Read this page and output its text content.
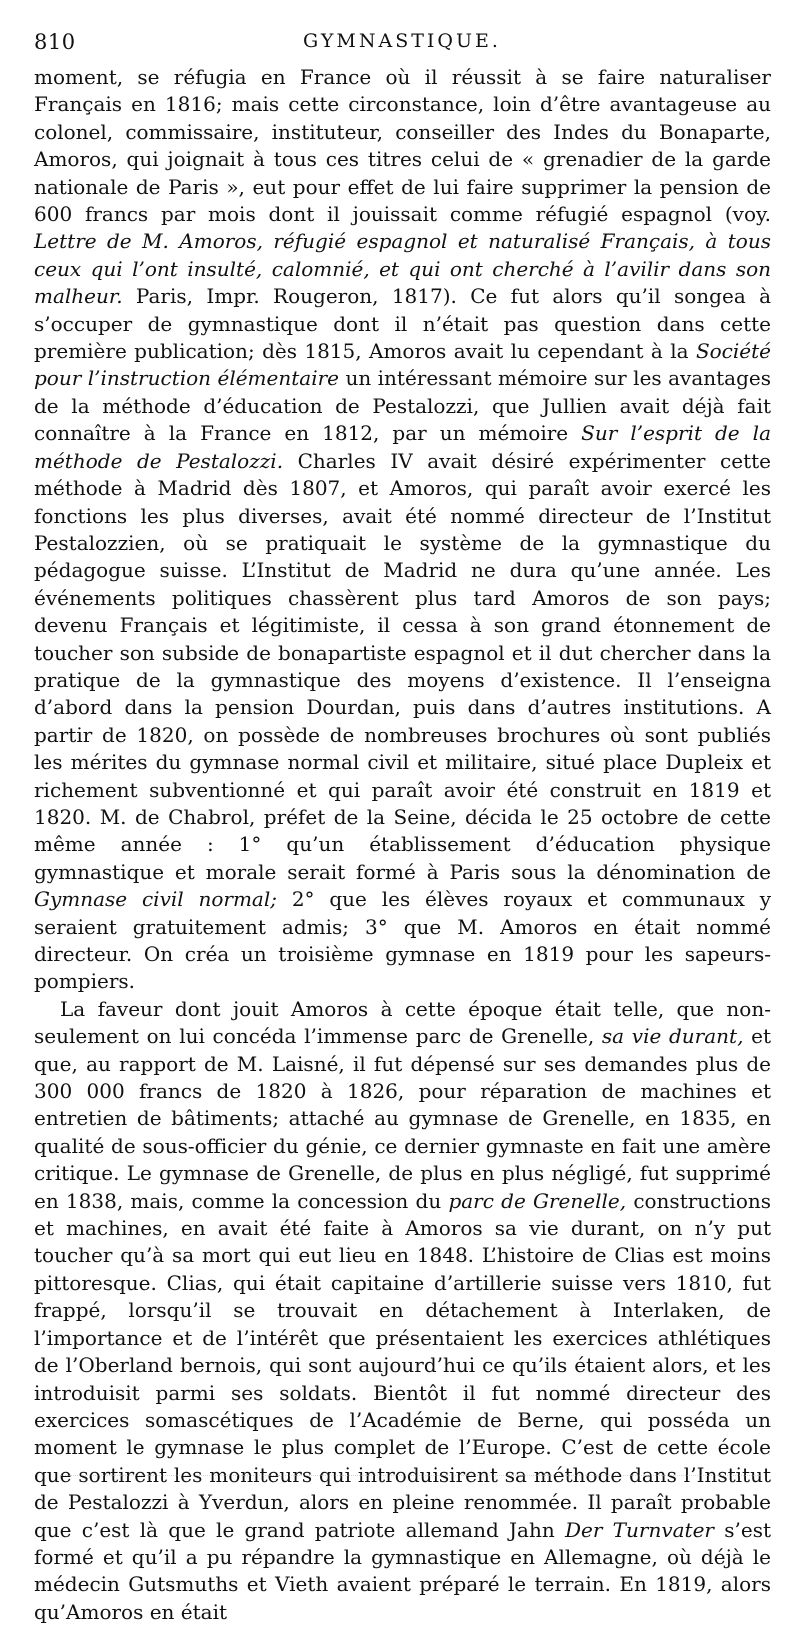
810	GYMNASTIQUE.

moment, se réfugia en France où il réussit à se faire naturaliser Français en 1816; mais cette circonstance, loin d’être avantageuse au colonel, commissaire, instituteur, conseiller des Indes du Bonaparte, Amoros, qui joignait à tous ces titres celui de « grenadier de la garde nationale de Paris », eut pour effet de lui faire supprimer la pension de 600 francs par mois dont il jouissait comme réfugié espagnol (voy. Lettre de M. Amoros, réfugié espagnol et naturalisé Français, à tous ceux qui l’ont insulté, calomnié, et qui ont cherché à l’avilir dans son malheur. Paris, Impr. Rougeron, 1817). Ce fut alors qu’il songea à s’occuper de gymnastique dont il n’était pas question dans cette première publication; dès 1815, Amoros avait lu cependant à la Société pour l’instruction élémentaire un intéressant mémoire sur les avantages de la méthode d’éducation de Pestalozzi, que Jullien avait déjà fait connaître à la France en 1812, par un mémoire Sur l’esprit de la méthode de Pestalozzi. Charles IV avait désiré expérimenter cette méthode à Madrid dès 1807, et Amoros, qui paraît avoir exercé les fonctions les plus diverses, avait été nommé directeur de l’Institut Pestalozzien, où se pratiquait le système de la gymnastique du pédagogue suisse. L’Institut de Madrid ne dura qu’une année. Les événements politiques chassèrent plus tard Amoros de son pays; devenu Français et légitimiste, il cessa à son grand étonnement de toucher son subside de bonapartiste espagnol et il dut chercher dans la pratique de la gymnastique des moyens d’existence. Il l’enseigna d’abord dans la pension Dourdan, puis dans d’autres institutions. A partir de 1820, on possède de nombreuses brochures où sont publiés les mérites du gymnase normal civil et militaire, situé place Dupleix et richement subventionné et qui paraît avoir été construit en 1819 et 1820. M. de Chabrol, préfet de la Seine, décida le 25 octobre de cette même année : 1° qu’un établissement d’éducation physique gymnastique et morale serait formé à Paris sous la dénomination de Gymnase civil normal; 2° que les élèves royaux et communaux y seraient gratuitement admis; 3° que M. Amoros en était nommé directeur. On créa un troisième gymnase en 1819 pour les sapeurs-pompiers.

La faveur dont jouit Amoros à cette époque était telle, que non-seulement on lui concéda l’immense parc de Grenelle, sa vie durant, et que, au rapport de M. Laisné, il fut dépensé sur ses demandes plus de 300 000 francs de 1820 à 1826, pour réparation de machines et entretien de bâtiments; attaché au gymnase de Grenelle, en 1835, en qualité de sous-officier du génie, ce dernier gymnaste en fait une amère critique. Le gymnase de Grenelle, de plus en plus négligé, fut supprimé en 1838, mais, comme la concession du parc de Grenelle, constructions et machines, en avait été faite à Amoros sa vie durant, on n’y put toucher qu’à sa mort qui eut lieu en 1848. L’histoire de Clias est moins pittoresque. Clias, qui était capitaine d’artillerie suisse vers 1810, fut frappé, lorsqu’il se trouvait en détachement à Interlaken, de l’importance et de l’intérêt que présentaient les exercices athlétiques de l’Oberland bernois, qui sont aujourd’hui ce qu’ils étaient alors, et les introduisit parmi ses soldats. Bientôt il fut nommé directeur des exercices somascétiques de l’Académie de Berne, qui posséda un moment le gymnase le plus complet de l’Europe. C’est de cette école que sortirent les moniteurs qui introduisirent sa méthode dans l’Institut de Pestalozzi à Yverdun, alors en pleine renommée. Il paraît probable que c’est là que le grand patriote allemand Jahn Der Turnvater s’est formé et qu’il a pu répandre la gymnastique en Allemagne, où déjà le médecin Gutsmuths et Vieth avaient préparé le terrain. En 1819, alors qu’Amoros en était
